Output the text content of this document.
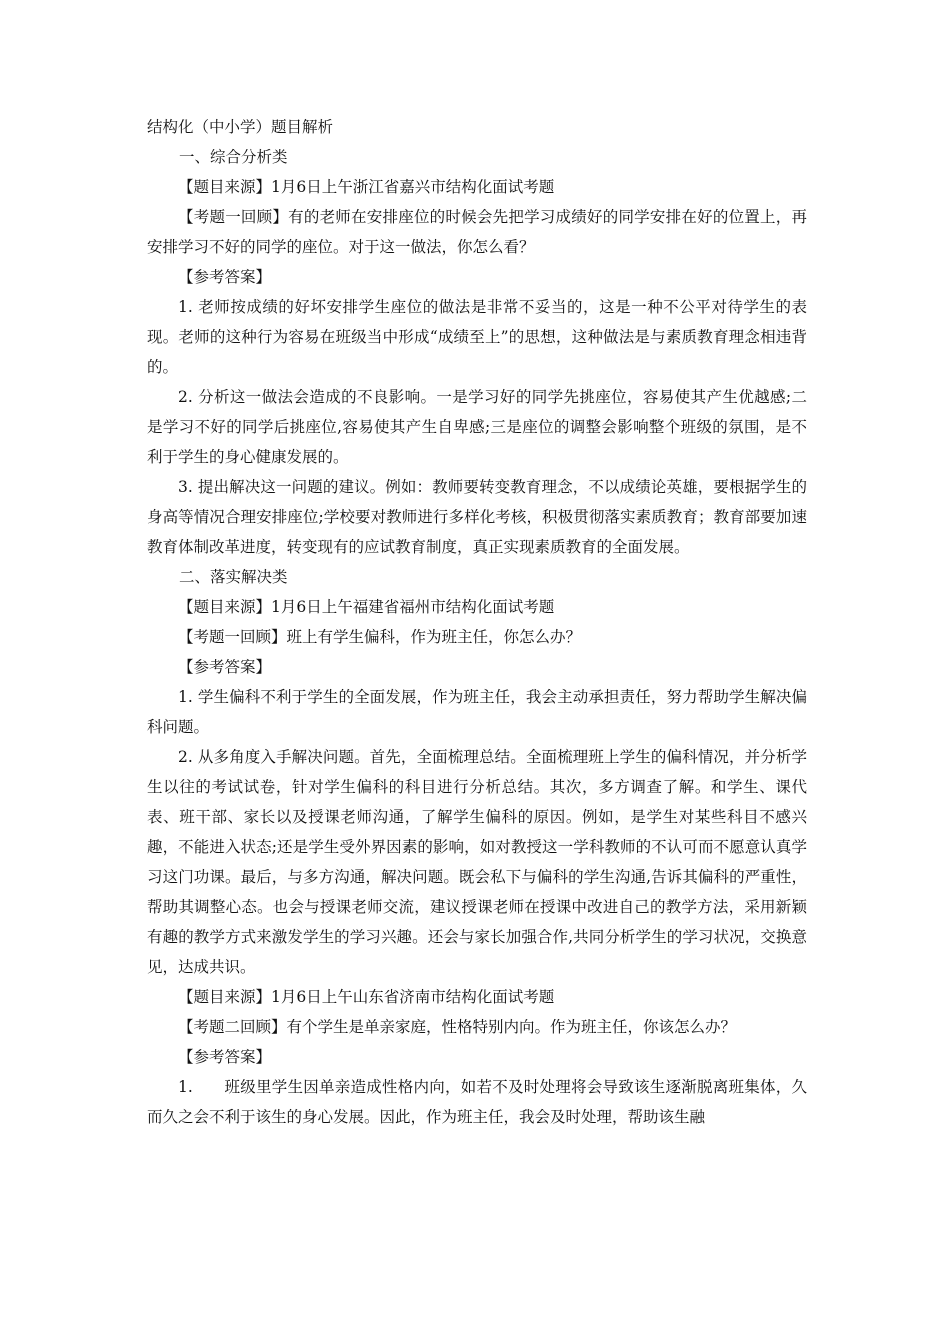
结构化（中小学）题目解析
一、综合分析类
【题目来源】1月6日上午浙江省嘉兴市结构化面试考题
【考题一回顾】有的老师在安排座位的时候会先把学习成绩好的同学安排在好的位置上，再安排学习不好的同学的座位。对于这一做法，你怎么看？
【参考答案】
1. 老师按成绩的好坏安排学生座位的做法是非常不妥当的，这是一种不公平对待学生的表现。老师的这种行为容易在班级当中形成“成绩至上”的思想，这种做法是与素质教育理念相违背的。
2. 分析这一做法会造成的不良影响。一是学习好的同学先挑座位，容易使其产生优越感;二是学习不好的同学后挑座位,容易使其产生自卑感;三是座位的调整会影响整个班级的氛围，是不利于学生的身心健康发展的。
3. 提出解决这一问题的建议。例如：教师要转变教育理念，不以成绩论英雄，要根据学生的身高等情况合理安排座位;学校要对教师进行多样化考核，积极贯彻落实素质教育；教育部要加速教育体制改革进度，转变现有的应试教育制度，真正实现素质教育的全面发展。
二、落实解决类
【题目来源】1月6日上午福建省福州市结构化面试考题
【考题一回顾】班上有学生偏科，作为班主任，你怎么办？
【参考答案】
1. 学生偏科不利于学生的全面发展，作为班主任，我会主动承担责任，努力帮助学生解决偏科问题。
2. 从多角度入手解决问题。首先，全面梳理总结。全面梳理班上学生的偏科情况，并分析学生以往的考试试卷，针对学生偏科的科目进行分析总结。其次，多方调查了解。和学生、课代表、班干部、家长以及授课老师沟通，了解学生偏科的原因。例如，是学生对某些科目不感兴趣，不能进入状态;还是学生受外界因素的影响，如对教授这一学科教师的不认可而不愿意认真学习这门功课。最后，与多方沟通，解决问题。既会私下与偏科的学生沟通,告诉其偏科的严重性，帮助其调整心态。也会与授课老师交流，建议授课老师在授课中改进自己的教学方法，采用新颖有趣的教学方式来激发学生的学习兴趣。还会与家长加强合作,共同分析学生的学习状况，交换意见，达成共识。
【题目来源】1月6日上午山东省济南市结构化面试考题
【考题二回顾】有个学生是单亲家庭，性格特别内向。作为班主任，你该怎么办？
【参考答案】
1.　　班级里学生因单亲造成性格内向，如若不及时处理将会导致该生逐渐脱离班集体，久而久之会不利于该生的身心发展。因此，作为班主任，我会及时处理，帮助该生融
